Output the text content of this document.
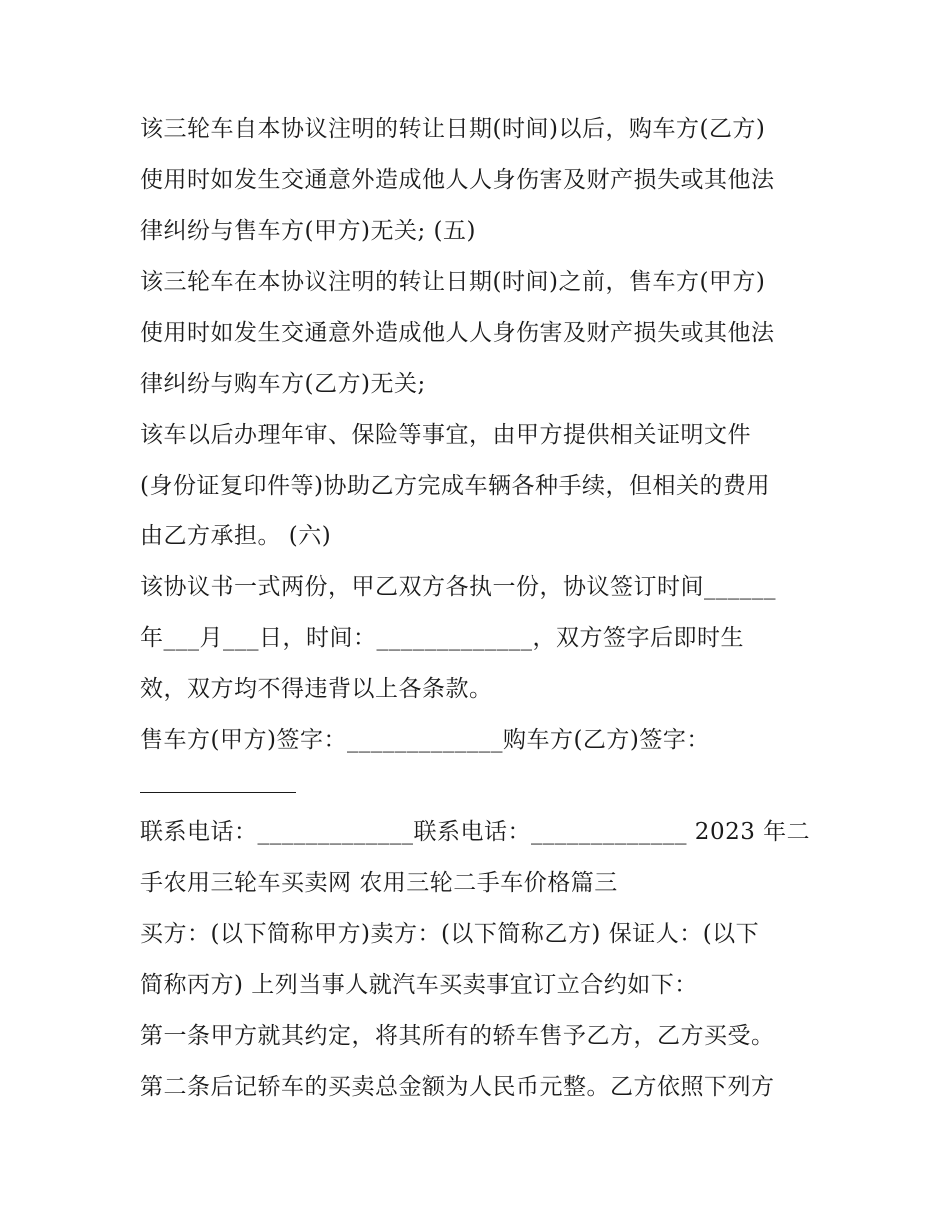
该三轮车自本协议注明的转让日期(时间)以后，购车方(乙方)
使用时如发生交通意外造成他人人身伤害及财产损失或其他法
律纠纷与售车方(甲方)无关; (五)
该三轮车在本协议注明的转让日期(时间)之前，售车方(甲方)
使用时如发生交通意外造成他人人身伤害及财产损失或其他法
律纠纷与购车方(乙方)无关;
该车以后办理年审、保险等事宜，由甲方提供相关证明文件
(身份证复印件等)协助乙方完成车辆各种手续，但相关的费用
由乙方承担。 (六)
该协议书一式两份，甲乙双方各执一份，协议签订时间______
年___月___日，时间：_____________，双方签字后即时生
效，双方均不得违背以上各条款。
售车方(甲方)签字：_____________购车方(乙方)签字：
联系电话：_____________联系电话：_____________ 2023 年二
手农用三轮车买卖网 农用三轮二手车价格篇三
买方：(以下简称甲方)卖方：(以下简称乙方) 保证人：(以下
简称丙方) 上列当事人就汽车买卖事宜订立合约如下：
第一条甲方就其约定，将其所有的轿车售予乙方，乙方买受。
第二条后记轿车的买卖总金额为人民币元整。乙方依照下列方
